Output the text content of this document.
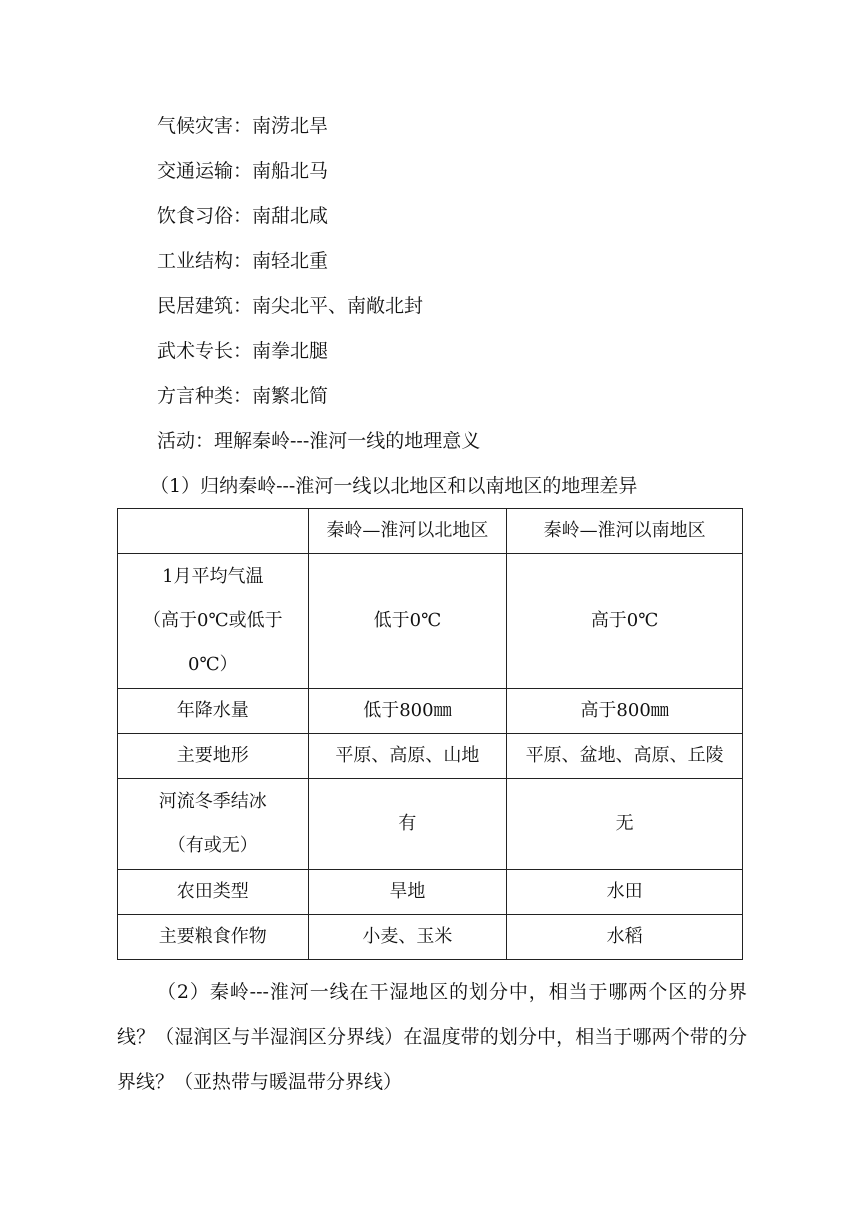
气候灾害：南涝北旱
交通运输：南船北马
饮食习俗：南甜北咸
工业结构：南轻北重
民居建筑：南尖北平、南敞北封
武术专长：南拳北腿
方言种类：南繁北简
活动：理解秦岭---淮河一线的地理意义
（1）归纳秦岭---淮河一线以北地区和以南地区的地理差异
	秦岭—淮河以北地区	秦岭—淮河以南地区

1月平均气温
（高于0℃或低于
0℃）	低于0℃	高于0℃
年降水量	低于800㎜	高于800㎜
主要地形	平原、高原、山地	平原、盆地、高原、丘陵

河流冬季结冰
（有或无）	有	无
农田类型	旱地	水田
主要粮食作物	小麦、玉米	水稻
（2）秦岭---淮河一线在干湿地区的划分中，相当于哪两个区的分界线？（湿润区与半湿润区分界线）在温度带的划分中，相当于哪两个带的分界线？（亚热带与暖温带分界线）
